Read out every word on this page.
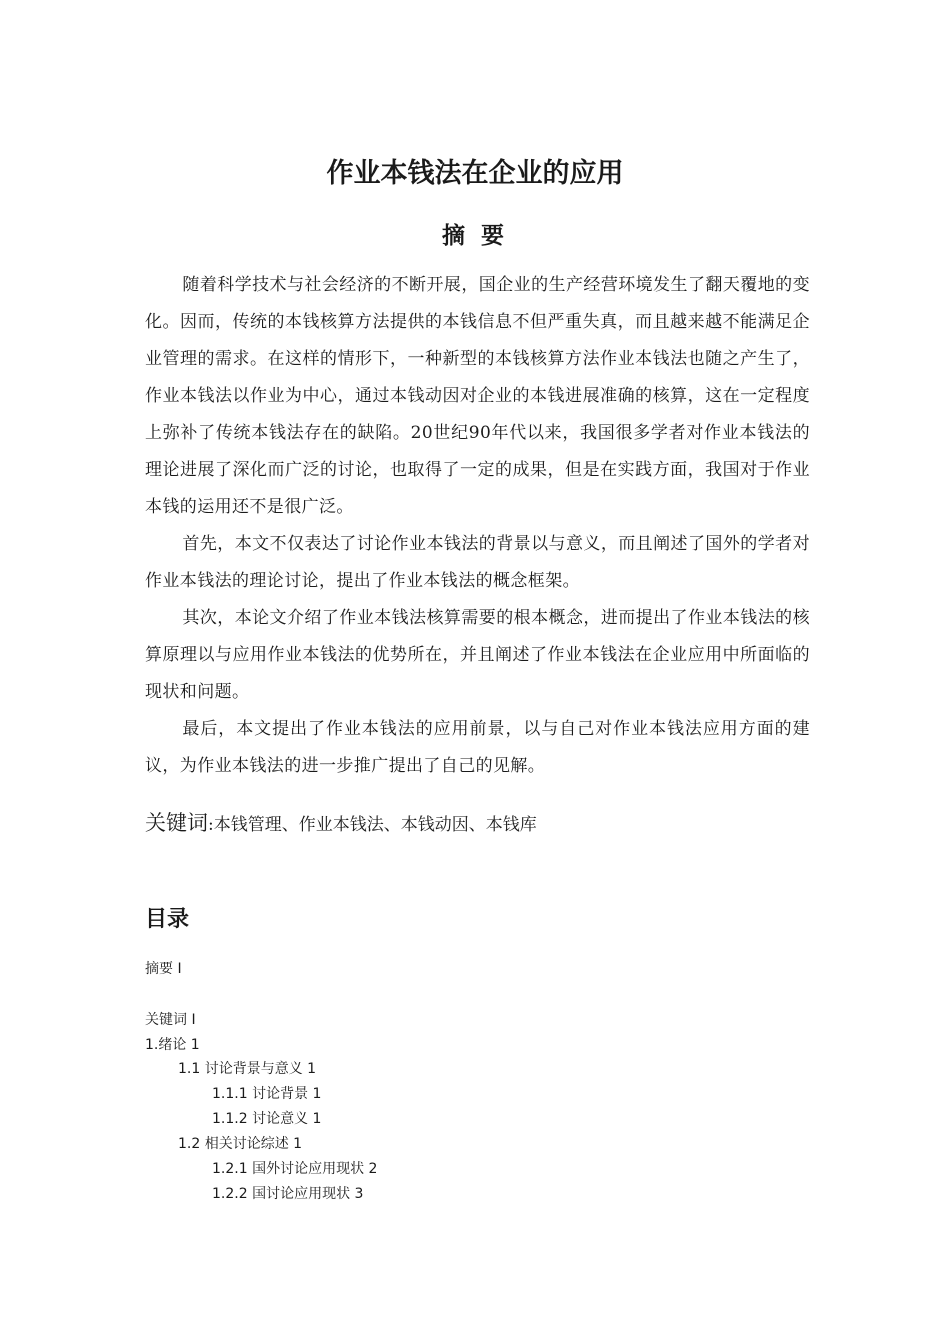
作业本钱法在企业的应用
摘 要

随着科学技术与社会经济的不断开展，国企业的生产经营环境发生了翻天覆地的变化。因而，传统的本钱核算方法提供的本钱信息不但严重失真，而且越来越不能满足企业管理的需求。在这样的情形下，一种新型的本钱核算方法作业本钱法也随之产生了，作业本钱法以作业为中心，通过本钱动因对企业的本钱进展准确的核算，这在一定程度上弥补了传统本钱法存在的缺陷。20世纪90年代以来，我国很多学者对作业本钱法的理论进展了深化而广泛的讨论，也取得了一定的成果，但是在实践方面，我国对于作业本钱的运用还不是很广泛。

首先，本文不仅表达了讨论作业本钱法的背景以与意义，而且阐述了国外的学者对作业本钱法的理论讨论，提出了作业本钱法的概念框架。

其次，本论文介绍了作业本钱法核算需要的根本概念，进而提出了作业本钱法的核算原理以与应用作业本钱法的优势所在，并且阐述了作业本钱法在企业应用中所面临的现状和问题。

最后，本文提出了作业本钱法的应用前景，以与自己对作业本钱法应用方面的建议，为作业本钱法的进一步推广提出了自己的见解。

关键词:本钱管理、作业本钱法、本钱动因、本钱库
目录
摘要 I
关键词 I
1.绪论 1
1.1 讨论背景与意义 1
1.1.1 讨论背景 1
1.1.2 讨论意义 1
1.2 相关讨论综述 1
1.2.1 国外讨论应用现状 2
1.2.2 国讨论应用现状 3
